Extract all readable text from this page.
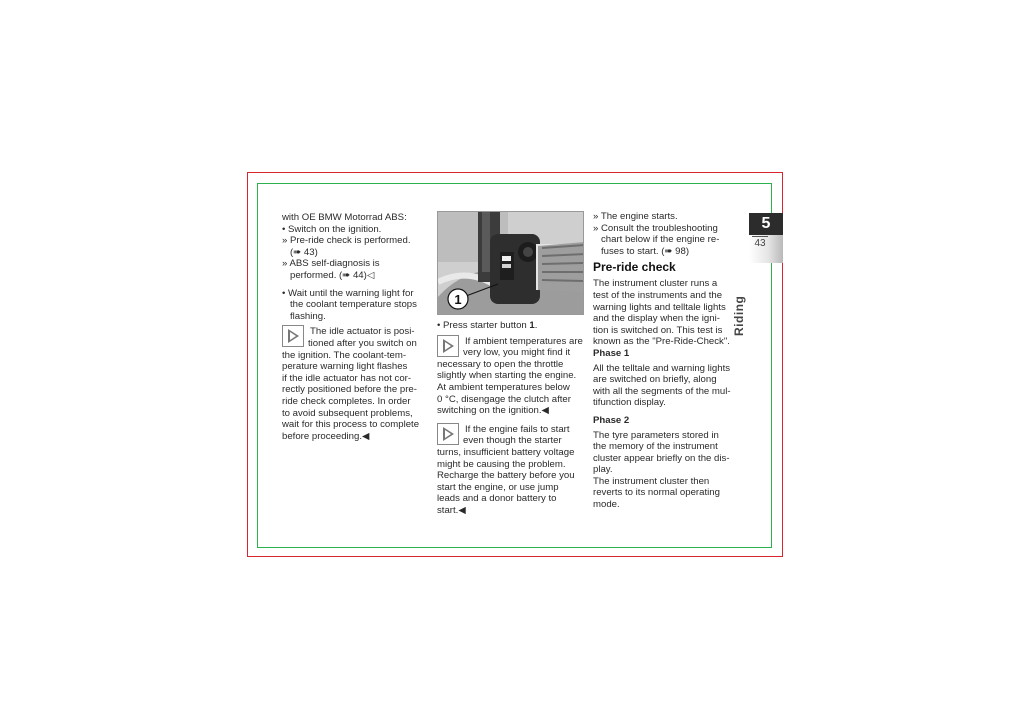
with OE BMW Motorrad ABS:
• Switch on the ignition.
» Pre-ride check is performed.
(➠ 43)
» ABS self-diagnosis is
performed. (➠ 44)◁
• Wait until the warning light for
the coolant temperature stops
flashing.
The idle actuator is posi-
tioned after you switch on
the ignition. The coolant-tem-
perature warning light flashes
if the idle actuator has not cor-
rectly positioned before the pre-
ride check completes. In order
to avoid subsequent problems,
wait for this process to complete
before proceeding.◀
1
• Press starter button 1.
If ambient temperatures are
very low, you might find it
necessary to open the throttle
slightly when starting the engine.
At ambient temperatures below
0 °C, disengage the clutch after
switching on the ignition.◀
If the engine fails to start
even though the starter
turns, insufficient battery voltage
might be causing the problem.
Recharge the battery before you
start the engine, or use jump
leads and a donor battery to
start.◀
» The engine starts.
» Consult the troubleshooting
chart below if the engine re-
fuses to start. (➠ 98)
Pre-ride check
The instrument cluster runs a
test of the instruments and the
warning lights and telltale lights
and the display when the igni-
tion is switched on. This test is
known as the "Pre-Ride-Check".
Phase 1
All the telltale and warning lights
are switched on briefly, along
with all the segments of the mul-
tifunction display.
Phase 2
The tyre parameters stored in
the memory of the instrument
cluster appear briefly on the dis-
play.
The instrument cluster then
reverts to its normal operating
mode.
5
43
Riding
